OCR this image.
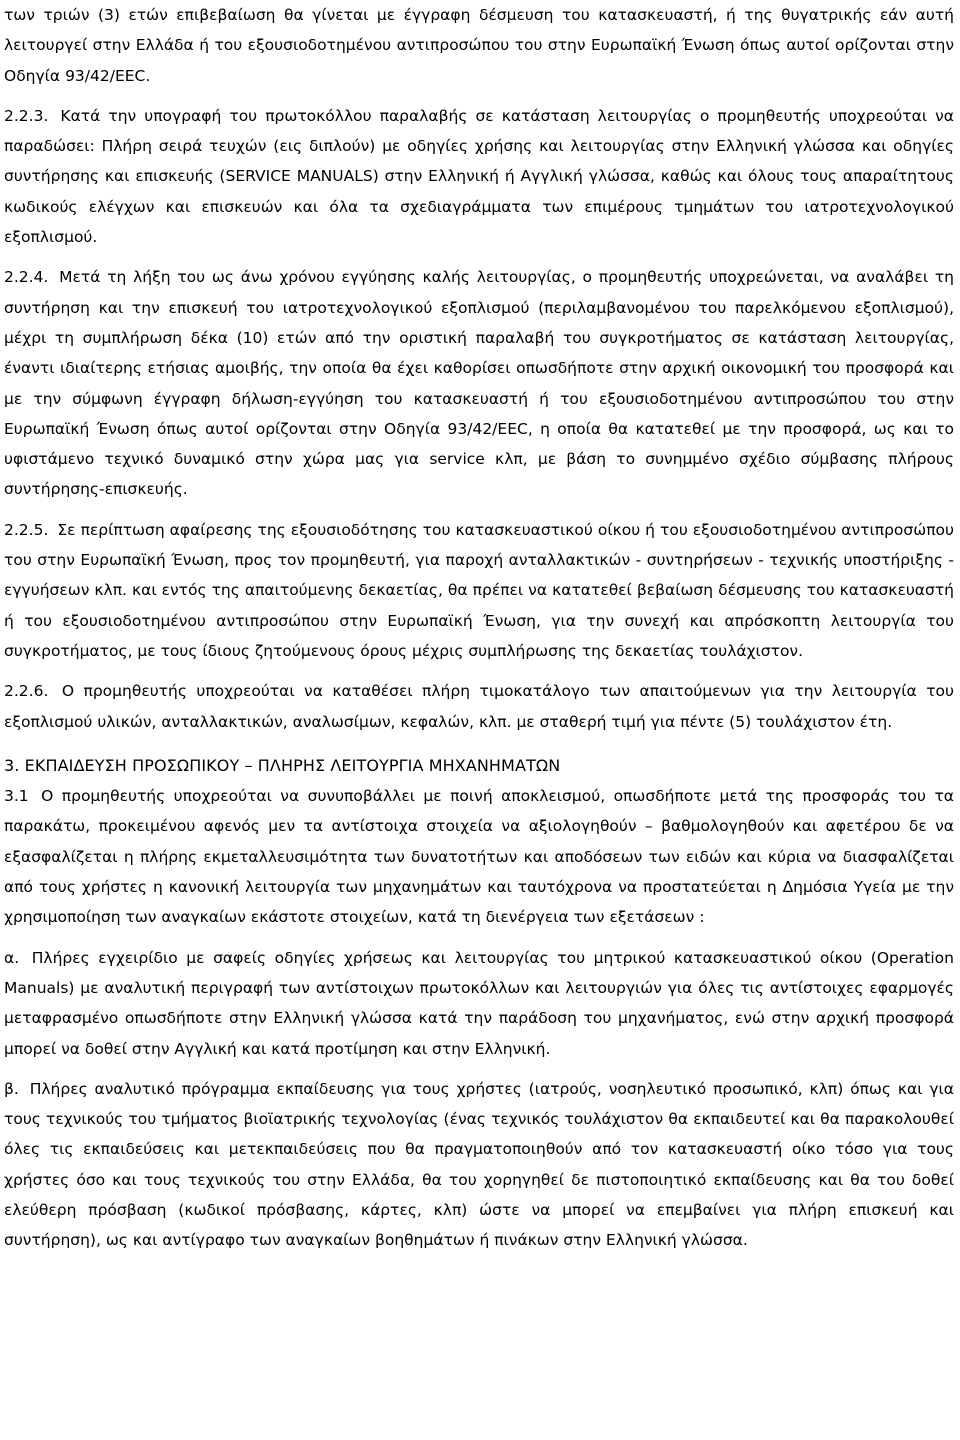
των τριών (3) ετών επιβεβαίωση θα γίνεται με έγγραφη δέσμευση του κατασκευαστή, ή της θυγατρικής εάν αυτή λειτουργεί στην Ελλάδα ή του εξουσιοδοτημένου αντιπροσώπου του στην Ευρωπαϊκή Ένωση όπως αυτοί ορίζονται στην Οδηγία 93/42/ΕΕC.

2.2.3. Κατά την υπογραφή του πρωτοκόλλου παραλαβής σε κατάσταση λειτουργίας ο προμηθευτής υποχρεούται να παραδώσει: Πλήρη σειρά τευχών (εις διπλούν) με οδηγίες χρήσης και λειτουργίας στην Ελληνική γλώσσα και οδηγίες συντήρησης και επισκευής (SERVICE MANUALS) στην Ελληνική ή Αγγλική γλώσσα, καθώς και όλους τους απαραίτητους κωδικούς ελέγχων και επισκευών και όλα τα σχεδιαγράμματα των επιμέρους τμημάτων του ιατροτεχνολογικού εξοπλισμού.

2.2.4. Μετά τη λήξη του ως άνω χρόνου εγγύησης καλής λειτουργίας, ο προμηθευτής υποχρεώνεται, να αναλάβει τη συντήρηση και την επισκευή του ιατροτεχνολογικού εξοπλισμού (περιλαμβανομένου του παρελκόμενου εξοπλισμού), μέχρι τη συμπλήρωση δέκα (10) ετών από την οριστική παραλαβή του συγκροτήματος σε κατάσταση λειτουργίας, έναντι ιδιαίτερης ετήσιας αμοιβής, την οποία θα έχει καθορίσει οπωσδήποτε στην αρχική οικονομική του προσφορά και με την σύμφωνη έγγραφη δήλωση-εγγύηση του κατασκευαστή ή του εξουσιοδοτημένου αντιπροσώπου του στην Ευρωπαϊκή Ένωση όπως αυτοί ορίζονται στην Οδηγία 93/42/ΕΕC, η οποία θα κατατεθεί με την προσφορά, ως και το υφιστάμενο τεχνικό δυναμικό στην χώρα μας για service κλπ, με βάση το συνημμένο σχέδιο σύμβασης πλήρους συντήρησης-επισκευής.

2.2.5. Σε περίπτωση αφαίρεσης της εξουσιοδότησης του κατασκευαστικού οίκου ή του εξουσιοδοτημένου αντιπροσώπου του στην Ευρωπαϊκή Ένωση, προς τον προμηθευτή, για παροχή ανταλλακτικών - συντηρήσεων - τεχνικής υποστήριξης - εγγυήσεων κλπ. και εντός της απαιτούμενης δεκαετίας, θα πρέπει να κατατεθεί βεβαίωση δέσμευσης του κατασκευαστή ή του εξουσιοδοτημένου αντιπροσώπου στην Ευρωπαϊκή Ένωση, για την συνεχή και απρόσκοπτη λειτουργία του συγκροτήματος, με τους ίδιους ζητούμενους όρους μέχρις συμπλήρωσης της δεκαετίας τουλάχιστον.

2.2.6. Ο προμηθευτής υποχρεούται να καταθέσει πλήρη τιμοκατάλογο των απαιτούμενων για την λειτουργία του εξοπλισμού υλικών, ανταλλακτικών, αναλωσίμων, κεφαλών, κλπ. με σταθερή τιμή για πέντε (5) τουλάχιστον έτη.

3. ΕΚΠΑΙΔΕΥΣΗ ΠΡΟΣΩΠΙΚΟΥ – ΠΛΗΡΗΣ ΛΕΙΤΟΥΡΓΙΑ ΜΗΧΑΝΗΜΑΤΩΝ

3.1 Ο προμηθευτής υποχρεούται να συνυποβάλλει με ποινή αποκλεισμού, οπωσδήποτε μετά της προσφοράς του τα παρακάτω, προκειμένου αφενός μεν τα αντίστοιχα στοιχεία να αξιολογηθούν – βαθμολογηθούν και αφετέρου δε να εξασφαλίζεται η πλήρης εκμεταλλευσιμότητα των δυνατοτήτων και αποδόσεων των ειδών και κύρια να διασφαλίζεται από τους χρήστες η κανονική λειτουργία των μηχανημάτων και ταυτόχρονα να προστατεύεται η Δημόσια Υγεία με την χρησιμοποίηση των αναγκαίων εκάστοτε στοιχείων, κατά τη διενέργεια των εξετάσεων :

α. Πλήρες εγχειρίδιο με σαφείς οδηγίες χρήσεως και λειτουργίας του μητρικού κατασκευαστικού οίκου (Operation Manuals) με αναλυτική περιγραφή των αντίστοιχων πρωτοκόλλων και λειτουργιών για όλες τις αντίστοιχες εφαρμογές μεταφρασμένο οπωσδήποτε στην Ελληνική γλώσσα κατά την παράδοση του μηχανήματος, ενώ στην αρχική προσφορά μπορεί να δοθεί στην Αγγλική και κατά προτίμηση και στην Ελληνική.

β. Πλήρες αναλυτικό πρόγραμμα εκπαίδευσης για τους χρήστες (ιατρούς, νοσηλευτικό προσωπικό, κλπ) όπως και για τους τεχνικούς του τμήματος βιοϊατρικής τεχνολογίας (ένας τεχνικός τουλάχιστον θα εκπαιδευτεί και θα παρακολουθεί όλες τις εκπαιδεύσεις και μετεκπαιδεύσεις που θα πραγματοποιηθούν από τον κατασκευαστή οίκο τόσο για τους χρήστες όσο και τους τεχνικούς του στην Ελλάδα, θα του χορηγηθεί δε πιστοποιητικό εκπαίδευσης και θα του δοθεί ελεύθερη πρόσβαση (κωδικοί πρόσβασης, κάρτες, κλπ) ώστε να μπορεί να επεμβαίνει για πλήρη επισκευή και συντήρηση), ως και αντίγραφο των αναγκαίων βοηθημάτων ή πινάκων στην Ελληνική γλώσσα.
